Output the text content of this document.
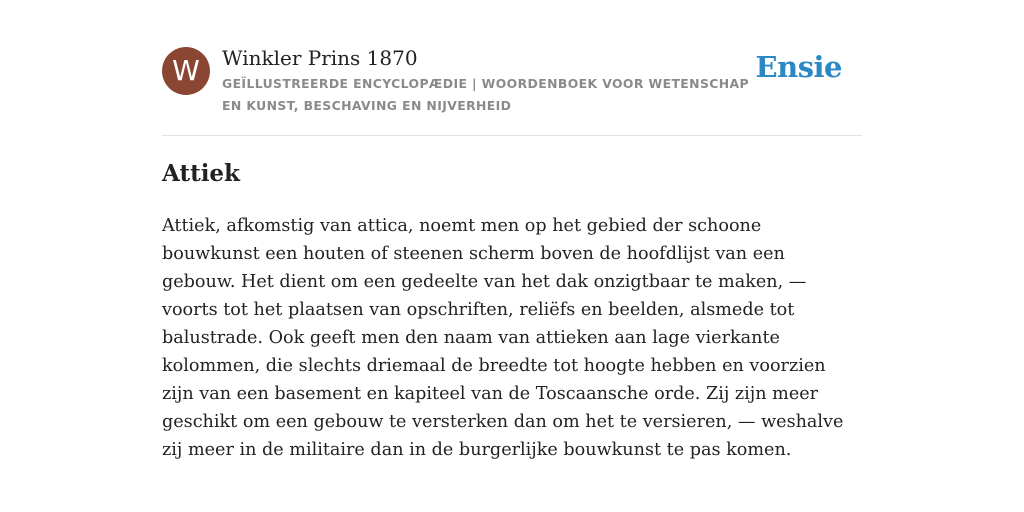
W	Winkler Prins 1870
GEÏLLUSTREERDE ENCYCLOPÆDIE | WOORDENBOEK VOOR WETENSCHAP EN KUNST, BESCHAVING EN NIJVERHEID
Ensie
Attiek

Attiek, afkomstig van attica, noemt men op het gebied der schoone bouwkunst een houten of steenen scherm boven de hoofdlijst van een gebouw. Het dient om een gedeelte van het dak onzigtbaar te maken, — voorts tot het plaatsen van opschriften, reliëfs en beelden, alsmede tot balustrade. Ook geeft men den naam van attieken aan lage vierkante kolommen, die slechts driemaal de breedte tot hoogte hebben en voorzien zijn van een basement en kapiteel van de Toscaansche orde. Zij zijn meer geschikt om een gebouw te versterken dan om het te versieren, — weshalve zij meer in de militaire dan in de burgerlijke bouwkunst te pas komen.
